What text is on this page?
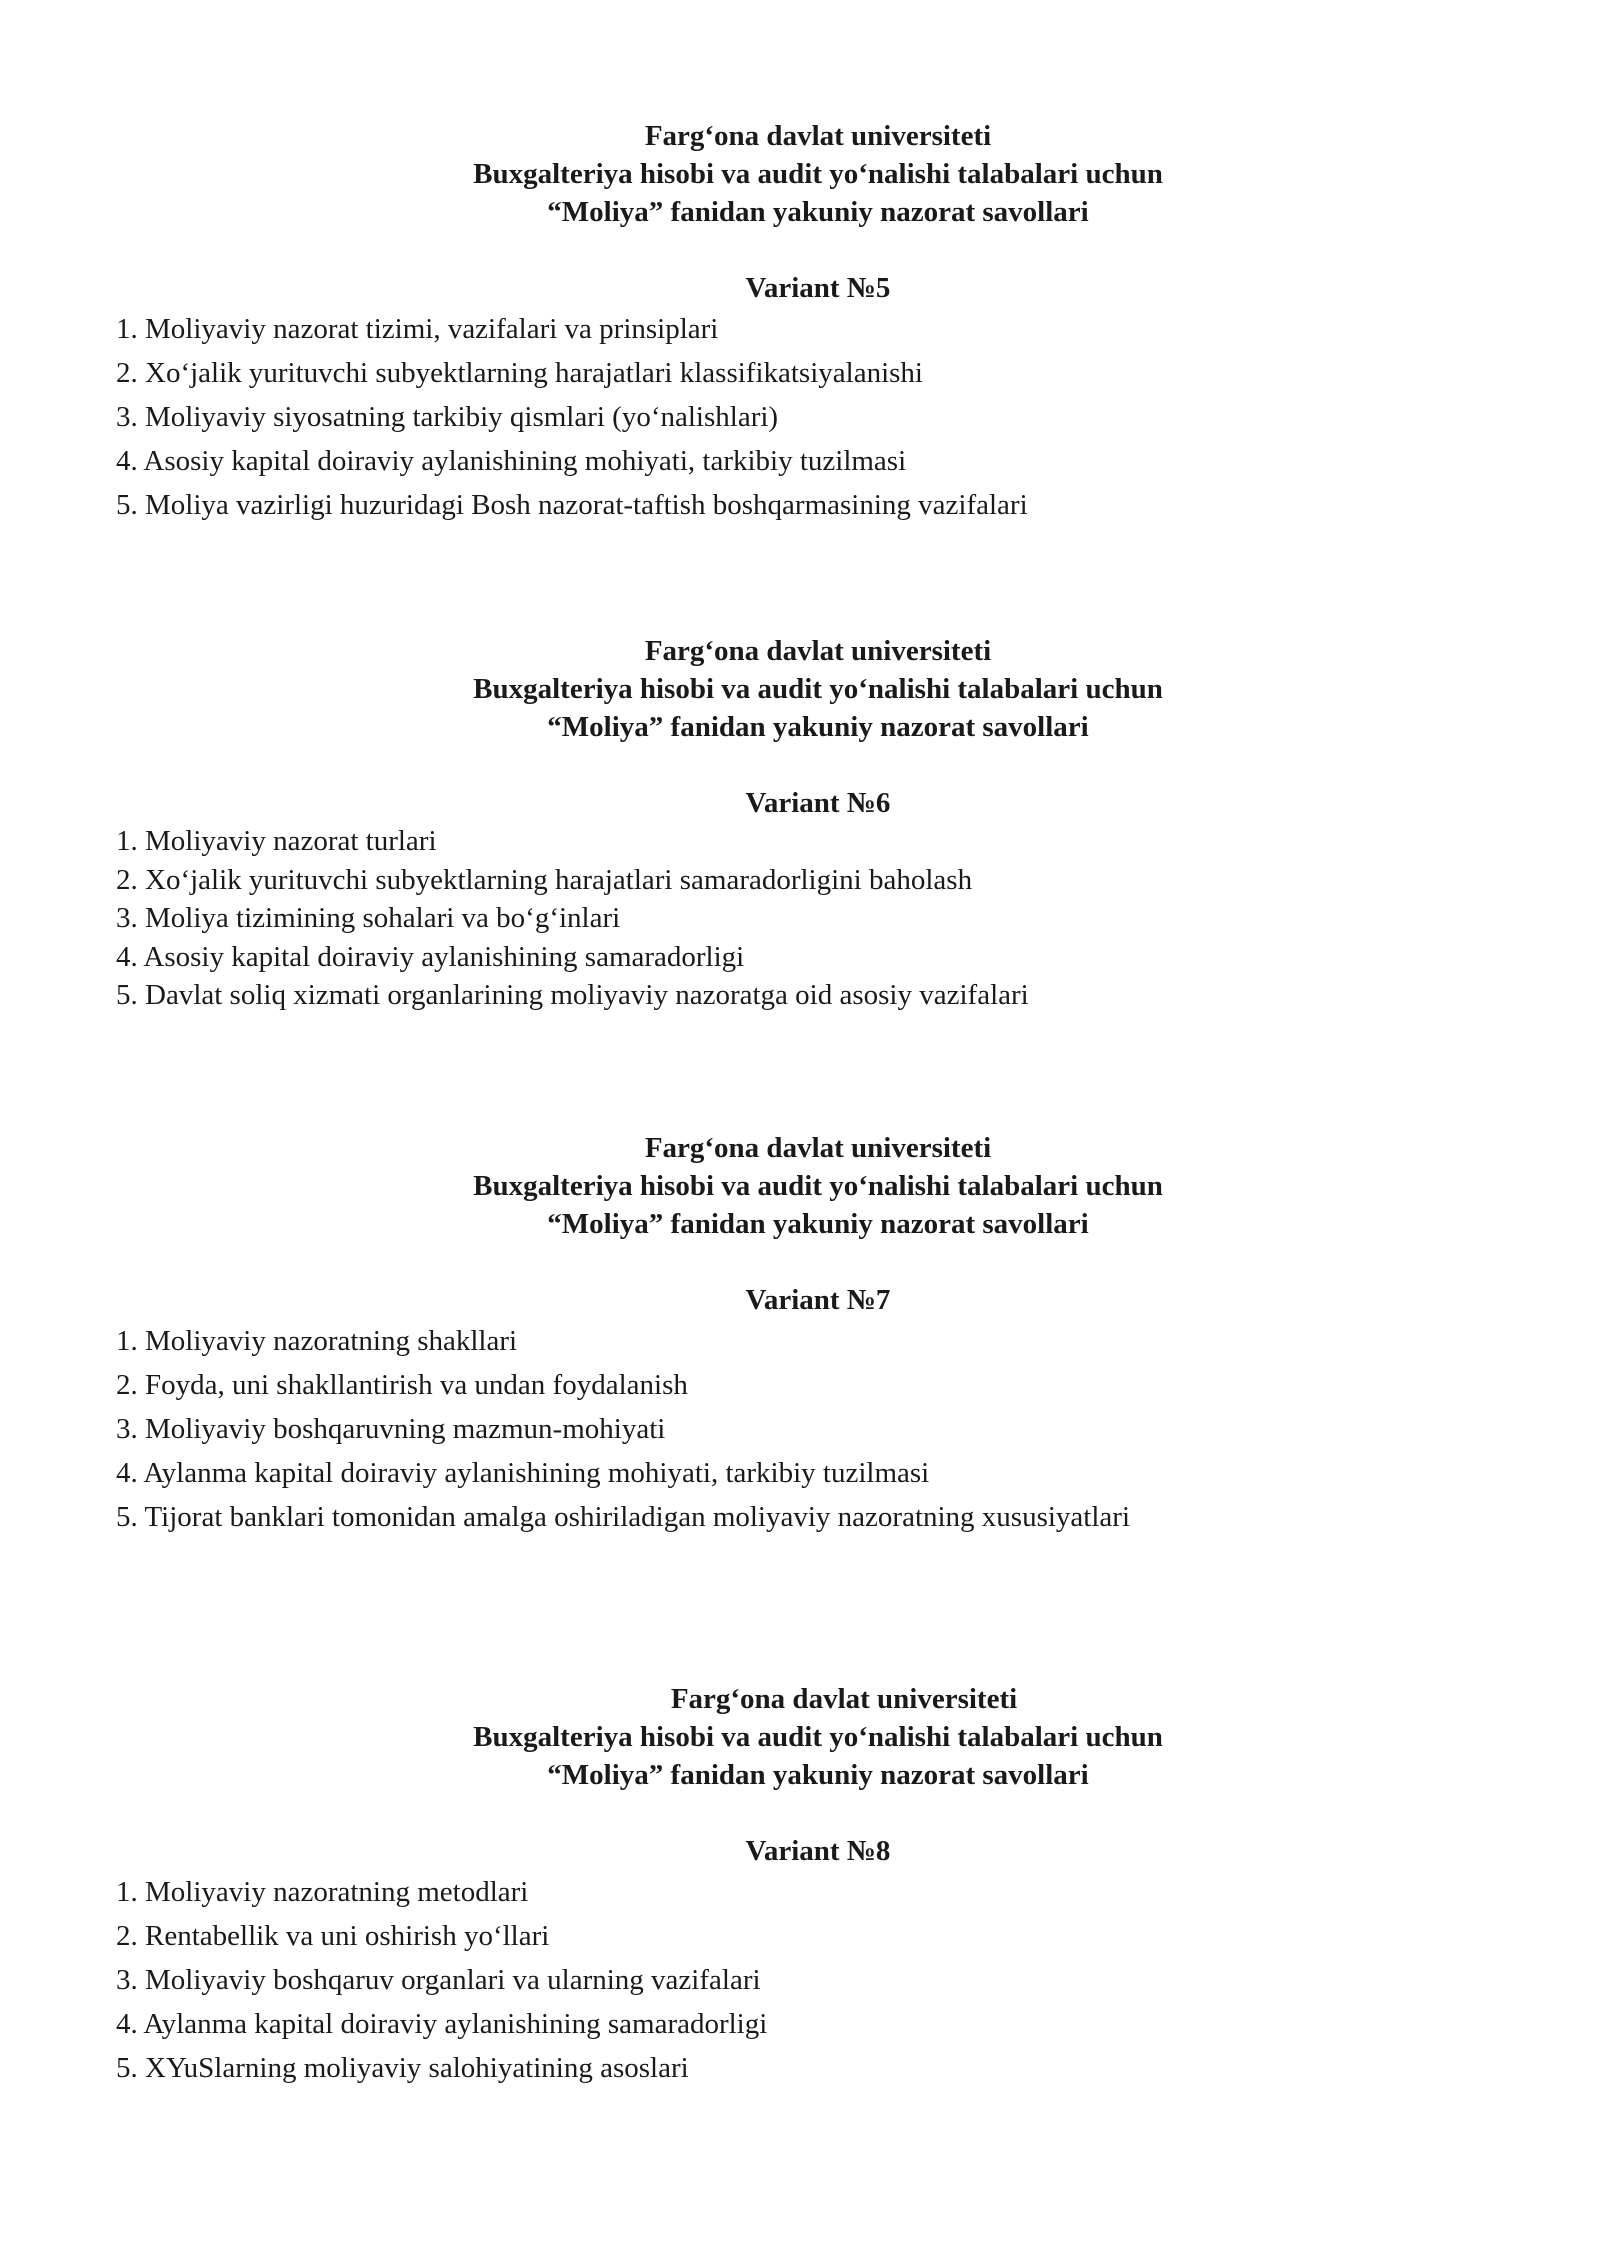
Farg‘ona davlat universiteti
Buxgalteriya hisobi va audit yo‘nalishi talabalari uchun
“Moliya” fanidan yakuniy nazorat savollari
Variant №5
1. Moliyaviy nazorat tizimi, vazifalari va prinsiplari
2. Xo‘jalik yurituvchi subyektlarning harajatlari klassifikatsiyalanishi
3. Moliyaviy siyosatning tarkibiy qismlari (yo‘nalishlari)
4. Asosiy kapital doiraviy aylanishining mohiyati, tarkibiy tuzilmasi
5. Moliya vazirligi huzuridagi Bosh nazorat-taftish boshqarmasining vazifalari
Farg‘ona davlat universiteti
Buxgalteriya hisobi va audit yo‘nalishi talabalari uchun
“Moliya” fanidan yakuniy nazorat savollari
Variant №6
1. Moliyaviy nazorat turlari
2. Xo‘jalik yurituvchi subyektlarning harajatlari samaradorligini baholash
3. Moliya tizimining sohalari va bo‘g‘inlari
4. Asosiy kapital doiraviy aylanishining samaradorligi
5. Davlat soliq xizmati organlarining moliyaviy nazoratga oid asosiy vazifalari
Farg‘ona davlat universiteti
Buxgalteriya hisobi va audit yo‘nalishi talabalari uchun
“Moliya” fanidan yakuniy nazorat savollari
Variant №7
1. Moliyaviy nazoratning shakllari
2. Foyda, uni shakllantirish va undan foydalanish
3. Moliyaviy boshqaruvning mazmun-mohiyati
4. Aylanma kapital doiraviy aylanishining mohiyati, tarkibiy tuzilmasi
5. Tijorat banklari tomonidan amalga oshiriladigan moliyaviy nazoratning xususiyatlari
Farg‘ona davlat universiteti
Buxgalteriya hisobi va audit yo‘nalishi talabalari uchun
“Moliya” fanidan yakuniy nazorat savollari
Variant №8
1. Moliyaviy nazoratning metodlari
2. Rentabellik va uni oshirish yo‘llari
3. Moliyaviy boshqaruv organlari va ularning vazifalari
4. Aylanma kapital doiraviy aylanishining samaradorligi
5. XYuSlarning moliyaviy salohiyatining asoslari
